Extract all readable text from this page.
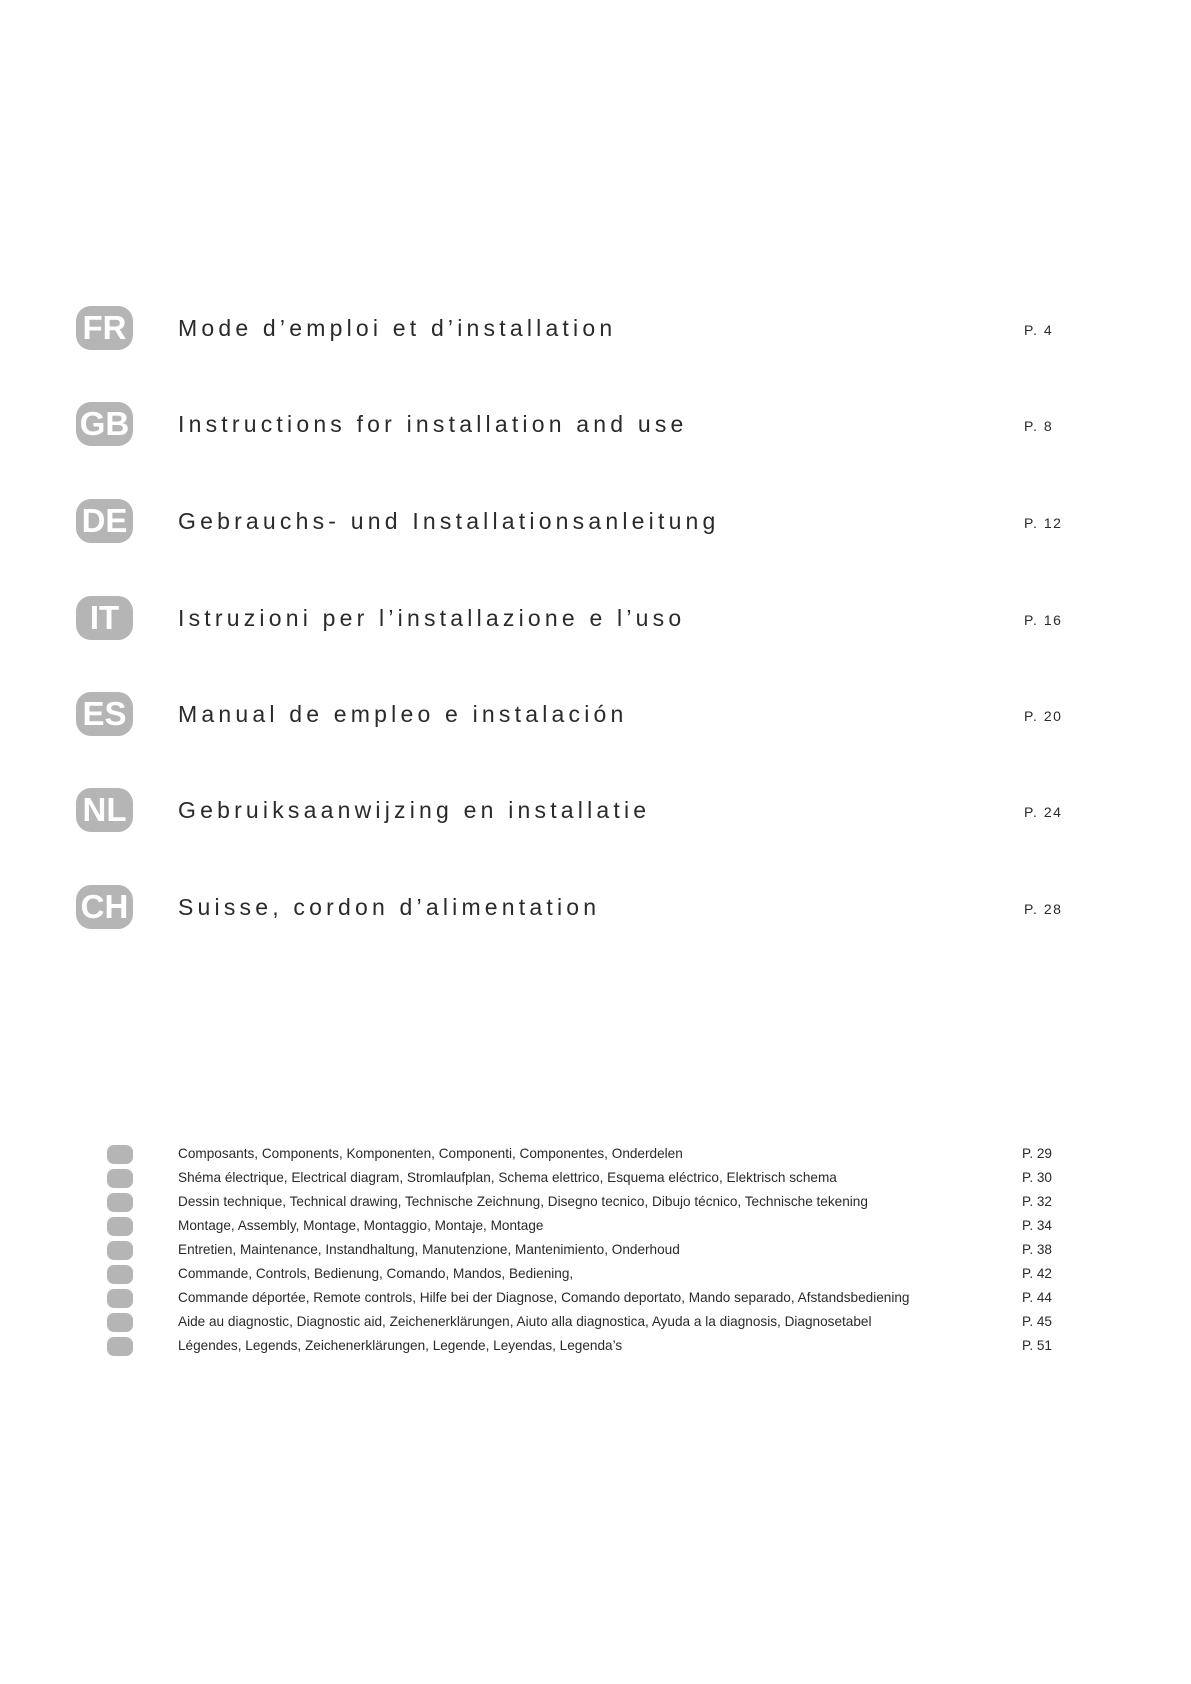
FR Mode d’emploi et d’installation	P. 4
GB Instructions for installation and use	P. 8
DE Gebrauchs- und Installationsanleitung	P. 12
IT	Istruzioni per l’installazione e l’uso	P. 16
ES Manual de empleo e instalación	P. 20
NL Gebruiksaanwijzing en installatie	P. 24
CH Suisse, cordon d’alimentation	P. 28
Composants, Components, Komponenten, Componenti, Componentes, Onderdelen	P. 29
Shéma électrique, Electrical diagram, Stromlaufplan, Schema elettrico, Esquema eléctrico, Elektrisch schema	P. 30
Dessin technique, Technical drawing, Technische Zeichnung, Disegno tecnico, Dibujo técnico, Technische tekening	P. 32
Montage, Assembly, Montage, Montaggio, Montaje, Montage	P. 34
Entretien, Maintenance, Instandhaltung, Manutenzione, Mantenimiento, Onderhoud	P. 38
Commande, Controls, Bedienung, Comando, Mandos, Bediening,	P. 42
Commande déportée, Remote controls, Hilfe bei der Diagnose, Comando deportato, Mando separado, Afstandsbediening	P. 44
Aide au diagnostic, Diagnostic aid, Zeichenerklärungen, Aiuto alla diagnostica, Ayuda a la diagnosis, Diagnosetabel	P. 45
Légendes, Legends, Zeichenerklärungen, Legende, Leyendas, Legenda’s	P. 51
